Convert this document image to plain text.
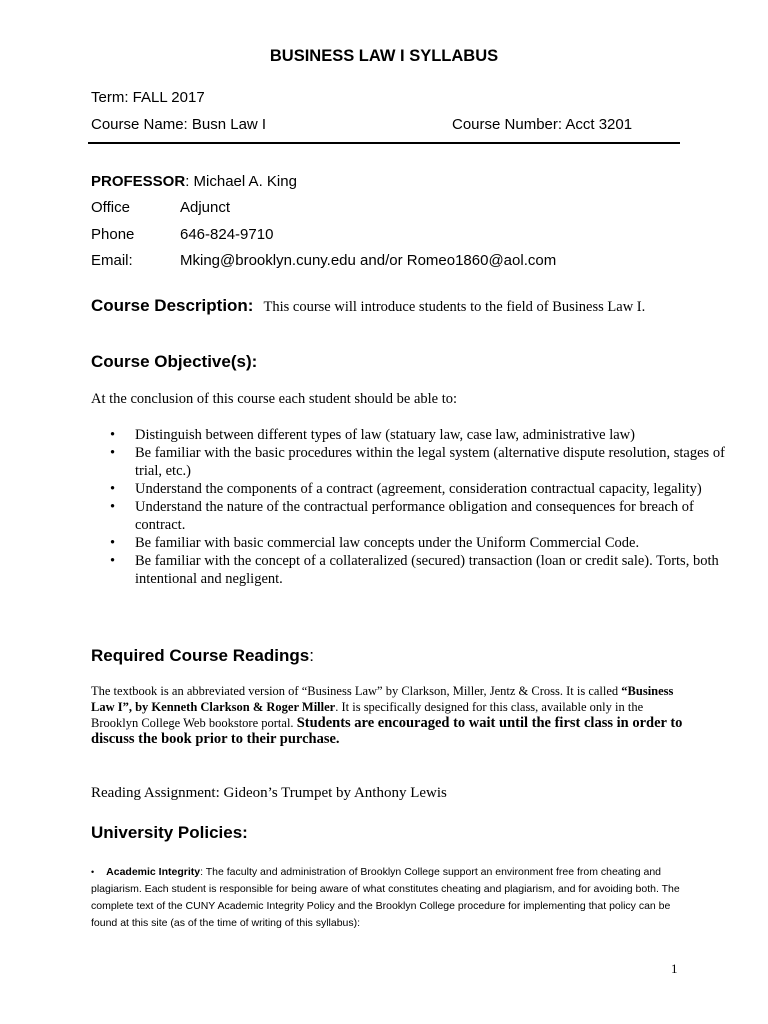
BUSINESS LAW I SYLLABUS
Term: FALL 2017
Course Name: Busn Law I	Course Number: Acct 3201
PROFESSOR: Michael A. King
Office	Adjunct
Phone	646-824-9710
Email:	Mking@brooklyn.cuny.edu and/or Romeo1860@aol.com
Course Description: This course will introduce students to the field of Business Law I.
Course Objective(s):
At the conclusion of this course each student should be able to:
• Distinguish between different types of law (statuary law, case law, administrative law)
• Be familiar with the basic procedures within the legal system (alternative dispute resolution, stages of trial, etc.)
• Understand the components of a contract (agreement, consideration contractual capacity, legality)
• Understand the nature of the contractual performance obligation and consequences for breach of contract.
• Be familiar with basic commercial law concepts under the Uniform Commercial Code.
• Be familiar with the concept of a collateralized (secured) transaction (loan or credit sale). Torts, both intentional and negligent.
Required Course Readings:
The textbook is an abbreviated version of “Business Law” by Clarkson, Miller, Jentz & Cross. It is called “Business Law I”, by Kenneth Clarkson & Roger Miller. It is specifically designed for this class, available only in the Brooklyn College Web bookstore portal. Students are encouraged to wait until the first class in order to discuss the book prior to their purchase.
Reading Assignment: Gideon’s Trumpet by Anthony Lewis
University Policies:
• Academic Integrity: The faculty and administration of Brooklyn College support an environment free from cheating and plagiarism. Each student is responsible for being aware of what constitutes cheating and plagiarism, and for avoiding both. The complete text of the CUNY Academic Integrity Policy and the Brooklyn College procedure for implementing that policy can be found at this site (as of the time of writing of this syllabus):
1
